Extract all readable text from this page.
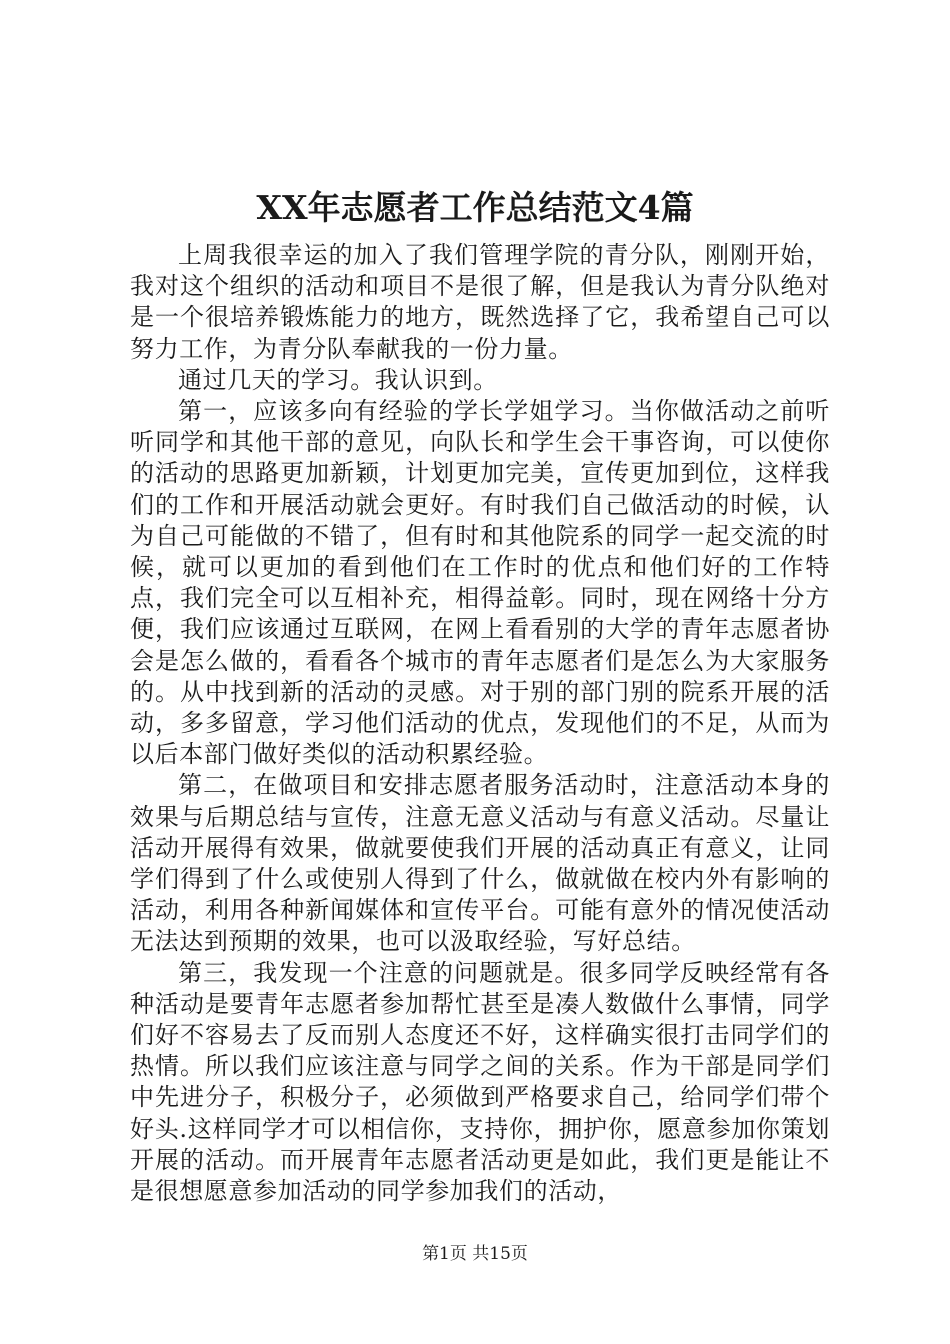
XX年志愿者工作总结范文4篇

上周我很幸运的加入了我们管理学院的青分队，刚刚开始，我对这个组织的活动和项目不是很了解，但是我认为青分队绝对是一个很培养锻炼能力的地方，既然选择了它，我希望自己可以努力工作，为青分队奉献我的一份力量。

通过几天的学习。我认识到。

第一，应该多向有经验的学长学姐学习。当你做活动之前听听同学和其他干部的意见，向队长和学生会干事咨询，可以使你的活动的思路更加新颖，计划更加完美，宣传更加到位，这样我们的工作和开展活动就会更好。有时我们自己做活动的时候，认为自己可能做的不错了，但有时和其他院系的同学一起交流的时候，就可以更加的看到他们在工作时的优点和他们好的工作特点，我们完全可以互相补充，相得益彰。同时，现在网络十分方便，我们应该通过互联网，在网上看看别的大学的青年志愿者协会是怎么做的，看看各个城市的青年志愿者们是怎么为大家服务的。从中找到新的活动的灵感。对于别的部门别的院系开展的活动，多多留意，学习他们活动的优点，发现他们的不足，从而为以后本部门做好类似的活动积累经验。

第二，在做项目和安排志愿者服务活动时，注意活动本身的效果与后期总结与宣传，注意无意义活动与有意义活动。尽量让活动开展得有效果，做就要使我们开展的活动真正有意义，让同学们得到了什么或使别人得到了什么，做就做在校内外有影响的活动，利用各种新闻媒体和宣传平台。可能有意外的情况使活动无法达到预期的效果，也可以汲取经验，写好总结。

第三，我发现一个注意的问题就是。很多同学反映经常有各种活动是要青年志愿者参加帮忙甚至是凑人数做什么事情，同学们好不容易去了反而别人态度还不好，这样确实很打击同学们的热情。所以我们应该注意与同学之间的关系。作为干部是同学们中先进分子，积极分子，必须做到严格要求自己，给同学们带个好头.这样同学才可以相信你，支持你，拥护你，愿意参加你策划开展的活动。而开展青年志愿者活动更是如此，我们更是能让不是很想愿意参加活动的同学参加我们的活动，

第1页 共15页
